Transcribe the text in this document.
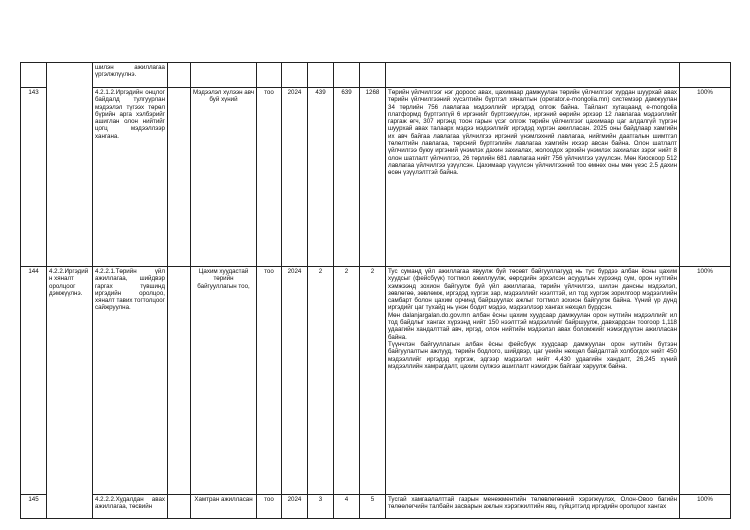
		шилэн ажиллагаа үргэлжлүүлнэ.									
143		4.2.1.2.Иргэдийн онцлог байдалд тулгуурлан мэдээлэл түгээх төрөл бүрийн арга хэлбэрийг ашиглан олон нийтийг цогц мэдээллээр хангана.		Мэдээлэл хүлээн авч буй хүний	тоо	2024	439	639	1268	Төрийн үйлчилгээг нэг дороос авах, цахимаар дамжуулан төрийн үйлчилгээг хурдан шуурхай авах төрийн үйлчилгээний хүсэлтийн бүртгэл хяналтын (operator.e-mongolia.mn) системээр дамжуулан 34 төрлийн 756 лавлагаа мэдээллийг иргэдэд олгож байна. Тайлант хугацаанд e-mongolia платформд бүртгэлгүй 6 иргэнийг бүртгэжүүлэн, иргэний өөрийн эрхээр 12 лавлагаа мэдээллийг гаргаж өгч, 307 иргэнд тоон гарын үсэг олгож төрийн үйлчилгээг цахимаар цаг алдалгүй түргэн шуурхай авах талаарх мэдээ мэдээллийг иргэдэд хүргэн ажилласан. 2025 оны байдлаар хамгийн их авч байгаа лавлагаа үйлчилгээ иргэний үнэмлэхний лавлагаа, нийгмийн даатгалын шимтгэл төлөлтийн лавлагаа, төрсний бүртгэлийн лавлагаа хамгийн ихээр авсан байна. Олон шатлалт үйлчилгээ буюу иргэний үнэмлэх дахин захиалах, жолоодох эрхийн үнэмлэх захиалах зэрэг нийт 8 олон шатлалт үйлчилгээ, 26 төрлийн 681 лавлагаа нийт 756 үйлчилгээ үзүүлсэн. Мөн Киоскоор 512 лавлагаа үйлчилгээ үзүүлсэн. Цахимаар үзүүлсэн үйлчилгээний тоо өмнөх оны мөн үеэс 2.5 дахин өсөн үзүүлэлттэй байна.	100%
144	4.2.2.Иргэдийн хяналт оролцоог дэмжүүлнэ.	4.2.2.1.Төрийн үйл ажиллагаа, шийдвэр гаргах түвшинд иргэдийн оролцоо, хяналт тавих тогтолцоог сайжруулна.		Цахим хуудастай төрийн байгууллагын тоо,	тоо	2024	2	2	2	Тус суманд үйл ажиллагаа явуулж буй төсөвт байгууллагууд нь тус бүрдээ албан ёсны цахим хуудсыг (фейсбүүк) тогтмол ажиллуулж, өөрсдийн эрхэлсэн асуудлын хүрээнд сум, орон нутгийн хэмжээнд зохион байгуулж буй үйл ажиллагаа, төрийн үйлчилгээ, шилэн дансны мэдээлэл, зөвлөгөө, зөвлөмж, иргэдэд хүргэх зар, мэдээллийг нээлттэй, ил тод хүргэж зорилгоор мэдээллийн самбарт болон цахим орчинд байршуулах ажлыг тогтмол зохион байгуулж байна. Үүний үр дүнд иргэдийг цаг тухайд нь үнэн бодит мэдээ, мэдээллээр хангах нөхцөл бүрдсэн.
Мөн dalanjargalan.do.gov.mn албан ёсны цахим хуудсаар дамжуулан орон нутгийн мэдээллийг ил тод байдлыг хангах хүрээнд нийт 150 нээлттэй мэдээллийг байршуулж, давхардсан тоогоор 1,118 удаагийн хандалттай авч, иргэд, олон нийтийн мэдээлэл авах боломжийг нэмэгдүүлэн ажилласан байна.
Түүнчлэн байгууллагын албан ёсны фейсбүүк хуудсаар дамжуулан орон нутгийн бүтээн байгуулалтын ажлууд, төрийн бодлого, шийдвэр, цаг үеийн нөхцөл байдалтай холбогдох нийт 450 мэдээллийг иргэдэд хүргэж, эдгээр мэдээлэл нийт 4,430 удаагийн хандалт, 26,245 хүний мэдээллийн хамрагдалт, цахим сүлжээ ашиглалт нэмэгдэж байгааг харуулж байна.	100%
145		4.2.2.2.Худалдан авах ажиллагаа, төсвийн		Хамтран ажилласан	тоо	2024	3	4	5	Тусгай хамгаалалттай газрын менежментийн төлөвлөгөөний хэрэгжүүлэх, Олон-Овоо багийн төлөөлөгчийн талбайн засварын ажлын хэрэгжилтийн явц, гүйцэтгэлд иргэдийн оролцоог хангах	100%
